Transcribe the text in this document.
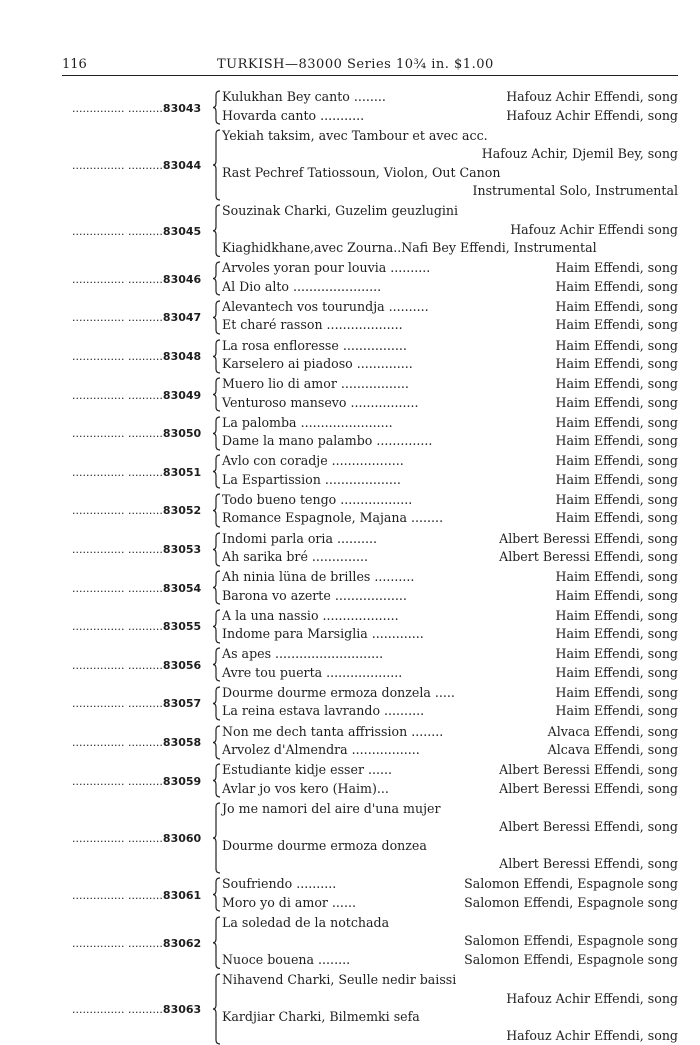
116	TURKISH—83000 Series 10¾ in. $1.00
............... ..........83043
Kulukhan Bey canto ........	Hafouz Achir Effendi, song
Hovarda canto ...........	Hafouz Achir Effendi, song
............... ..........83044
Yekiah taksim, avec Tambour et avec acc.
Hafouz Achir, Djemil Bey, song
Rast Pechref Tatiossoun, Violon, Out Canon
Instrumental Solo, Instrumental
............... ..........83045
Souzinak Charki, Guzelim geuzlugini
Hafouz Achir Effendi song
Kiaghidkhane,avec Zourna..Nafi Bey Effendi, Instrumental
............... ..........83046
Arvoles yoran pour louvia ..........	Haim Effendi, song
Al Dio alto ......................	Haim Effendi, song
............... ..........83047
Alevantech vos tourundja ..........	Haim Effendi, song
Et charé rasson ...................	Haim Effendi, song
............... ..........83048
La rosa enfloresse ................	Haim Effendi, song
Karselero ai piadoso ..............	Haim Effendi, song
............... ..........83049
Muero lio di amor .................	Haim Effendi, song
Venturoso mansevo .................	Haim Effendi, song
............... ..........83050
La palomba .......................	Haim Effendi, song
Dame la mano palambo ..............	Haim Effendi, song
............... ..........83051
Avlo con coradje ..................	Haim Effendi, song
La Espartission ...................	Haim Effendi, song
............... ..........83052
Todo bueno tengo ..................	Haim Effendi, song
Romance Espagnole, Majana ........	Haim Effendi, song
............... ..........83053
Indomi parla oria ..........	Albert Beressi Effendi, song
Ah sarika bré ..............	Albert Beressi Effendi, song
............... ..........83054
Ah ninia lüna de brilles ..........	Haim Effendi, song
Barona vo azerte ..................	Haim Effendi, song
............... ..........83055
A la una nassio ...................	Haim Effendi, song
Indome para Marsiglia .............	Haim Effendi, song
............... ..........83056
As apes ...........................	Haim Effendi, song
Avre tou puerta ...................	Haim Effendi, song
............... ..........83057
Dourme dourme ermoza donzela .....	Haim Effendi, song
La reina estava lavrando ..........	Haim Effendi, song
............... ..........83058
Non me dech tanta affrission ........	Alvaca Effendi, song
Arvolez d'Almendra .................	Alcava Effendi, song
............... ..........83059
Estudiante kidje esser ......	Albert Beressi Effendi, song
Avlar jo vos kero (Haim)...	Albert Beressi Effendi, song
............... ..........83060
Jo me namori del aire d'una mujer
Albert Beressi Effendi, song
Dourme dourme ermoza donzea
Albert Beressi Effendi, song
............... ..........83061
Soufriendo ..........	Salomon Effendi, Espagnole song
Moro yo di amor ......	Salomon Effendi, Espagnole song
............... ..........83062
La soledad de la notchada
Salomon Effendi, Espagnole song
Nuoce bouena ........	Salomon Effendi, Espagnole song
............... ..........83063
Nihavend Charki, Seulle nedir baissi
Hafouz Achir Effendi, song
Kardjiar Charki, Bilmemki sefa
Hafouz Achir Effendi, song
